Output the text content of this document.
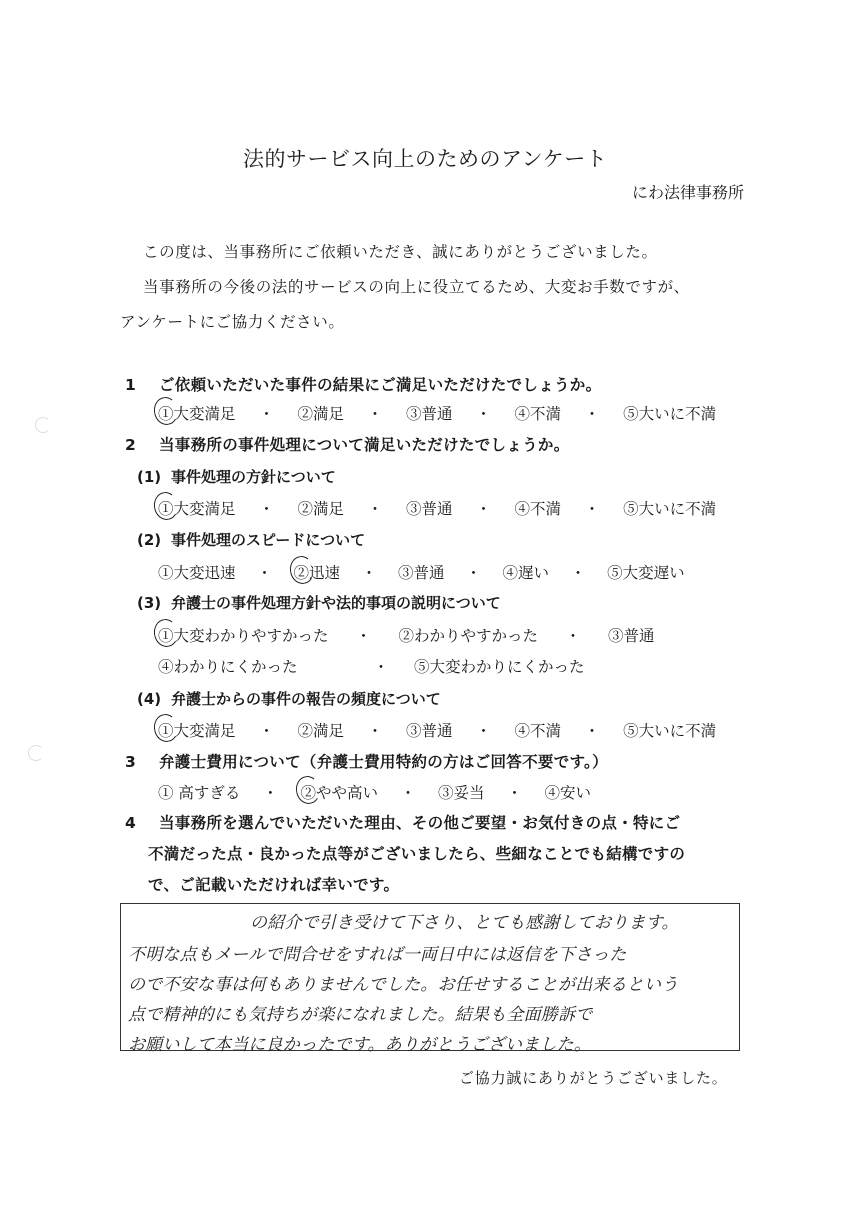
法的サービス向上のためのアンケート
にわ法律事務所
この度は、当事務所にご依頼いただき、誠にありがとうございました。
当事務所の今後の法的サービスの向上に役立てるため、大変お手数ですが、
アンケートにご協力ください。
1 ご依頼いただいた事件の結果にご満足いただけたでしょうか。
①大変満足	・	②満足	・	③普通	・	④不満	・	⑤大いに不満
2 当事務所の事件処理について満足いただけたでしょうか。
(1) 事件処理の方針について
①大変満足	・	②満足	・	③普通	・	④不満	・	⑤大いに不満
(2) 事件処理のスピードについて
①大変迅速	・	②迅速	・	③普通	・	④遅い	・	⑤大変遅い
(3) 弁護士の事件処理方針や法的事項の説明について
①大変わかりやすかった	・	②わかりやすかった	・	③普通
④わかりにくかった	・	⑤大変わかりにくかった
(4) 弁護士からの事件の報告の頻度について
①大変満足	・	②満足	・	③普通	・	④不満	・	⑤大いに不満
3 弁護士費用について（弁護士費用特約の方はご回答不要です。）
① 高すぎる	・	②やや高い	・	③妥当	・	④安い
4 当事務所を選んでいただいた理由、その他ご要望・お気付きの点・特にご
不満だった点・良かった点等がございましたら、些細なことでも結構ですの
で、ご記載いただければ幸いです。
の紹介で引き受けて下さり、とても感謝しております。
不明な点もメールで問合せをすれば一両日中には返信を下さった
ので不安な事は何もありませんでした。お任せすることが出来るという
点で精神的にも気持ちが楽になれました。結果も全面勝訴で
お願いして本当に良かったです。ありがとうございました。
ご協力誠にありがとうございました。
